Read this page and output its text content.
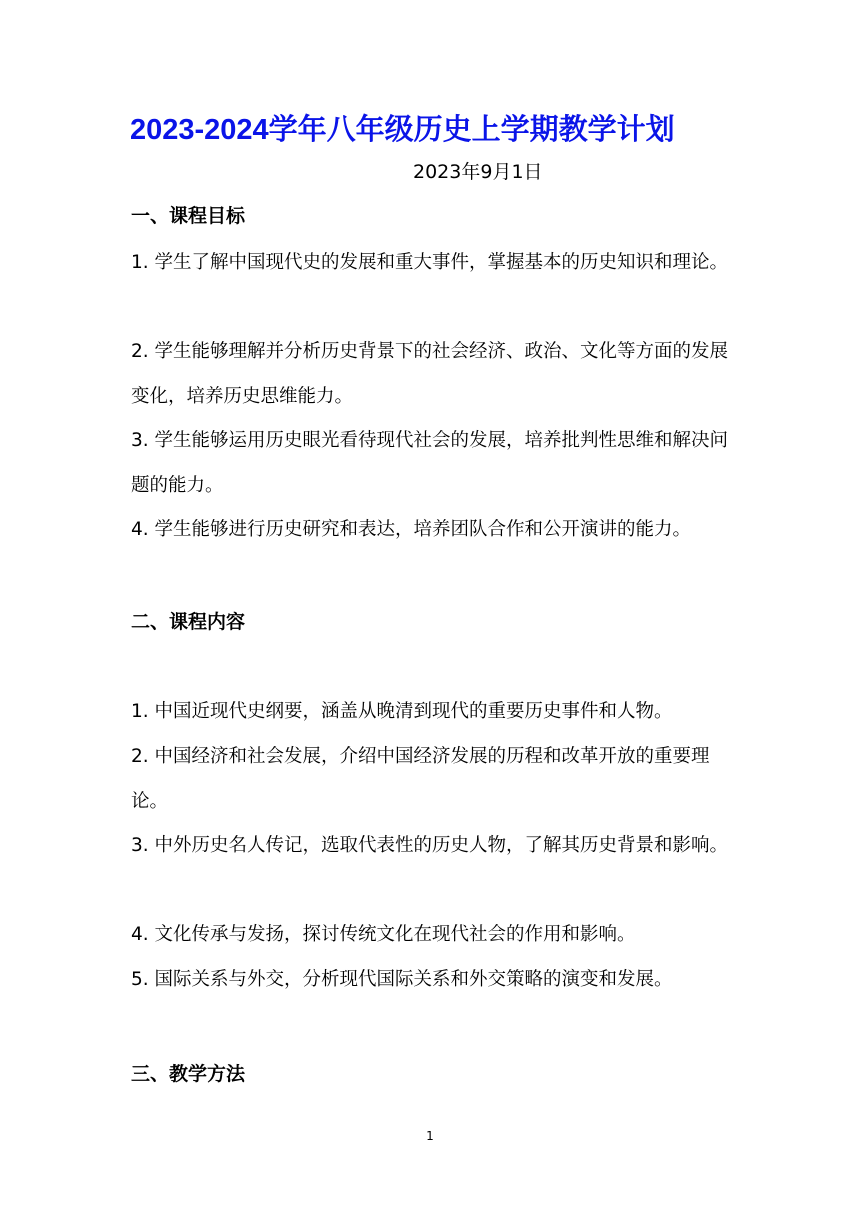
2023-2024学年八年级历史上学期教学计划
2023年9月1日
一、课程目标
1. 学生了解中国现代史的发展和重大事件，掌握基本的历史知识和理论。
2. 学生能够理解并分析历史背景下的社会经济、政治、文化等方面的发展变化，培养历史思维能力。
3. 学生能够运用历史眼光看待现代社会的发展，培养批判性思维和解决问题的能力。
4. 学生能够进行历史研究和表达，培养团队合作和公开演讲的能力。
二、课程内容
1. 中国近现代史纲要，涵盖从晚清到现代的重要历史事件和人物。
2. 中国经济和社会发展，介绍中国经济发展的历程和改革开放的重要理论。
3. 中外历史名人传记，选取代表性的历史人物，了解其历史背景和影响。
4. 文化传承与发扬，探讨传统文化在现代社会的作用和影响。
5. 国际关系与外交，分析现代国际关系和外交策略的演变和发展。
三、教学方法
1
